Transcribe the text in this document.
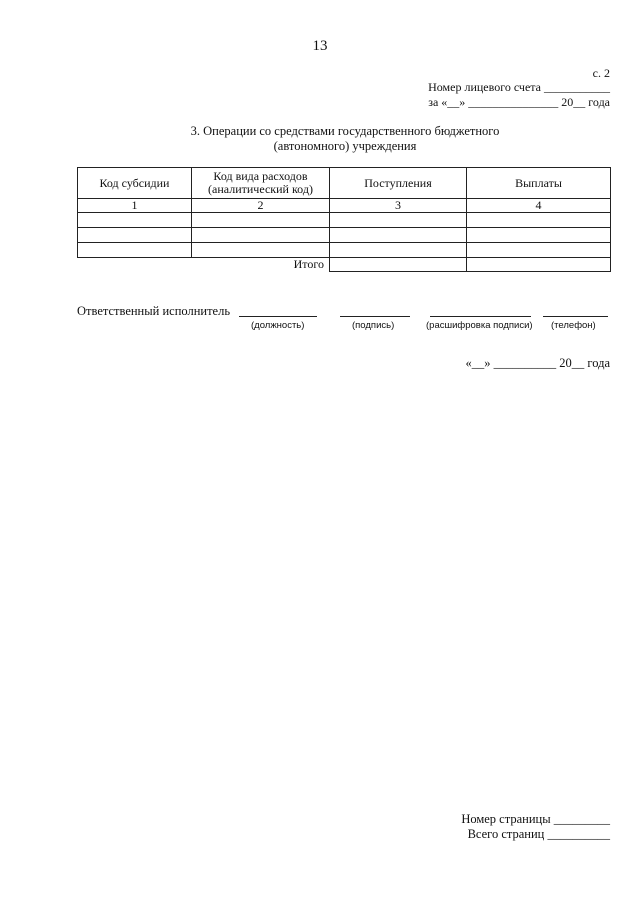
13
с. 2
Номер лицевого счета ___________
за «__» _______________ 20__ года
3. Операции со средствами государственного бюджетного
(автономного) учреждения
Код субсидии	Код вида расходов (аналитический код)	Поступления	Выплаты
1	2	3	4

	Итого		
Ответственный исполнитель
(должность)	(подпись)	(расшифровка подписи) (телефон)
«__» __________ 20__ года
Номер страницы _________
Всего страниц __________
